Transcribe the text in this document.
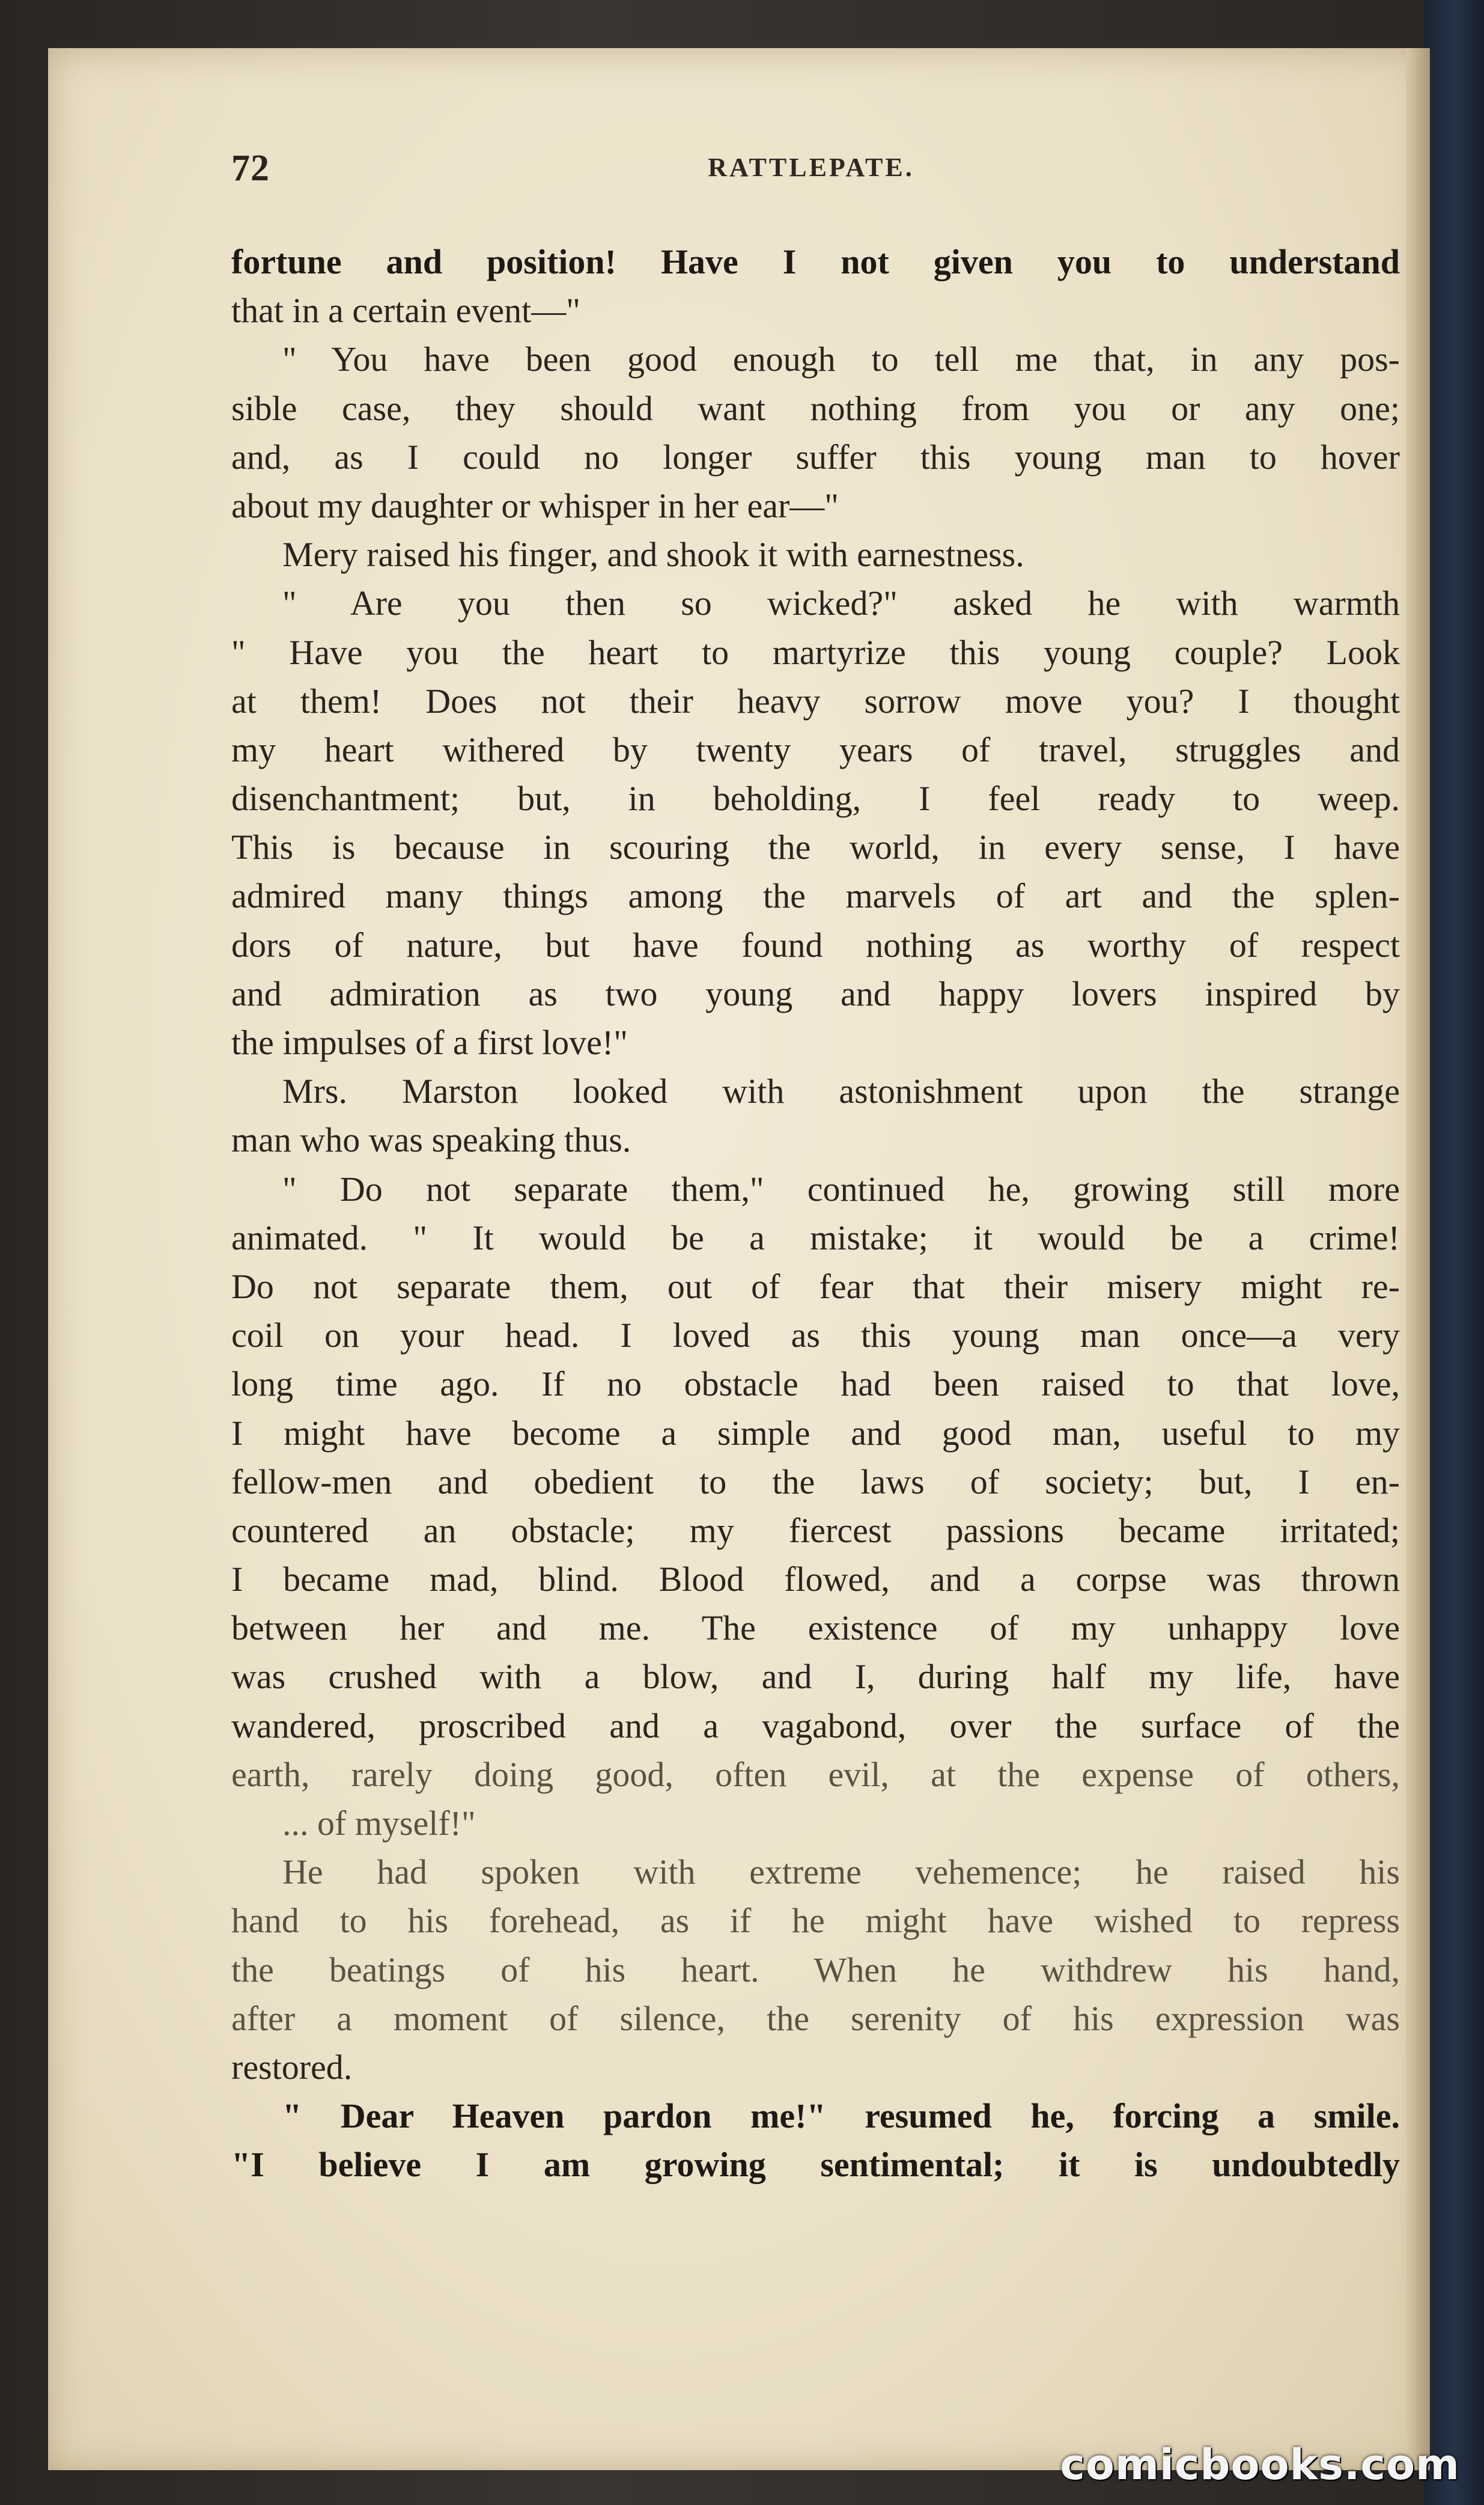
72	RATTLEPATE.
fortune and position! Have I not given you to understand
that in a certain event—"
" You have been good enough to tell me that, in any pos-
sible case, they should want nothing from you or any one;
and, as I could no longer suffer this young man to hover
about my daughter or whisper in her ear—"
Mery raised his finger, and shook it with earnestness.
" Are you then so wicked?" asked he with warmth
" Have you the heart to martyrize this young couple? Look
at them! Does not their heavy sorrow move you? I thought
my heart withered by twenty years of travel, struggles and
disenchantment; but, in beholding, I feel ready to weep.
This is because in scouring the world, in every sense, I have
admired many things among the marvels of art and the splen-
dors of nature, but have found nothing as worthy of respect
and admiration as two young and happy lovers inspired by
the impulses of a first love!"
Mrs. Marston looked with astonishment upon the strange
man who was speaking thus.
" Do not separate them," continued he, growing still more
animated. " It would be a mistake; it would be a crime!
Do not separate them, out of fear that their misery might re-
coil on your head. I loved as this young man once—a very
long time ago. If no obstacle had been raised to that love,
I might have become a simple and good man, useful to my
fellow-men and obedient to the laws of society; but, I en-
countered an obstacle; my fiercest passions became irritated;
I became mad, blind. Blood flowed, and a corpse was thrown
between her and me. The existence of my unhappy love
was crushed with a blow, and I, during half my life, have
wandered, proscribed and a vagabond, over the surface of the
earth, rarely doing good, often evil, at the expense of others,
... of myself!"
He had spoken with extreme vehemence; he raised his
hand to his forehead, as if he might have wished to repress
the beatings of his heart. When he withdrew his hand,
after a moment of silence, the serenity of his expression was
restored.
" Dear Heaven pardon me!" resumed he, forcing a smile.
"I believe I am growing sentimental; it is undoubtedly
comicbooks.com
